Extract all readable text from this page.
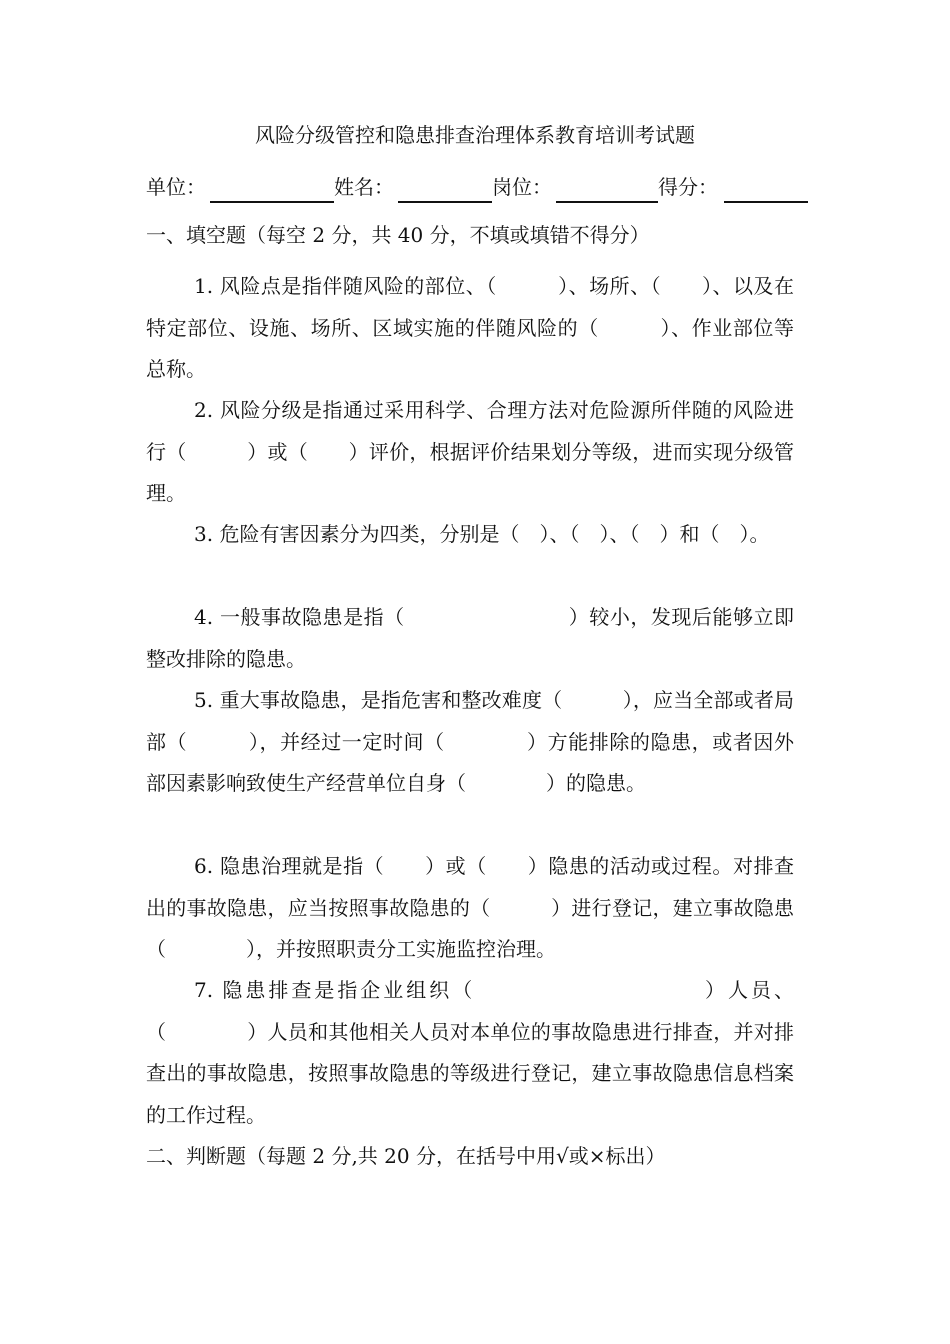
风险分级管控和隐患排查治理体系教育培训考试题
单位：	姓名：	岗位：	得分：
一、填空题（每空 2 分，共 40 分，不填或填错不得分）
1. 风险点是指伴随风险的部位、（　　　）、场所、（　　）、以及在特定部位、设施、场所、区域实施的伴随风险的（　　　）、作业部位等总称。
2. 风险分级是指通过采用科学、合理方法对危险源所伴随的风险进行（　　　）或（　　）评价，根据评价结果划分等级，进而实现分级管理。
3. 危险有害因素分为四类，分别是（　）、（　）、（　）和（　）。
4. 一般事故隐患是指（　　　　　　　　）较小，发现后能够立即整改排除的隐患。
5. 重大事故隐患，是指危害和整改难度（　　　），应当全部或者局部（　　　），并经过一定时间（　　　　）方能排除的隐患，或者因外部因素影响致使生产经营单位自身（　　　　）的隐患。
6. 隐患治理就是指（　　）或（　　）隐患的活动或过程。对排查出的事故隐患，应当按照事故隐患的（　　　）进行登记，建立事故隐患（　　　　），并按照职责分工实施监控治理。
7. 隐患排查是指企业组织（　　　　　　　　　　）人员、（　　　　）人员和其他相关人员对本单位的事故隐患进行排查，并对排查出的事故隐患，按照事故隐患的等级进行登记，建立事故隐患信息档案的工作过程。
二、判断题（每题 2 分,共 20 分，在括号中用√或×标出）
